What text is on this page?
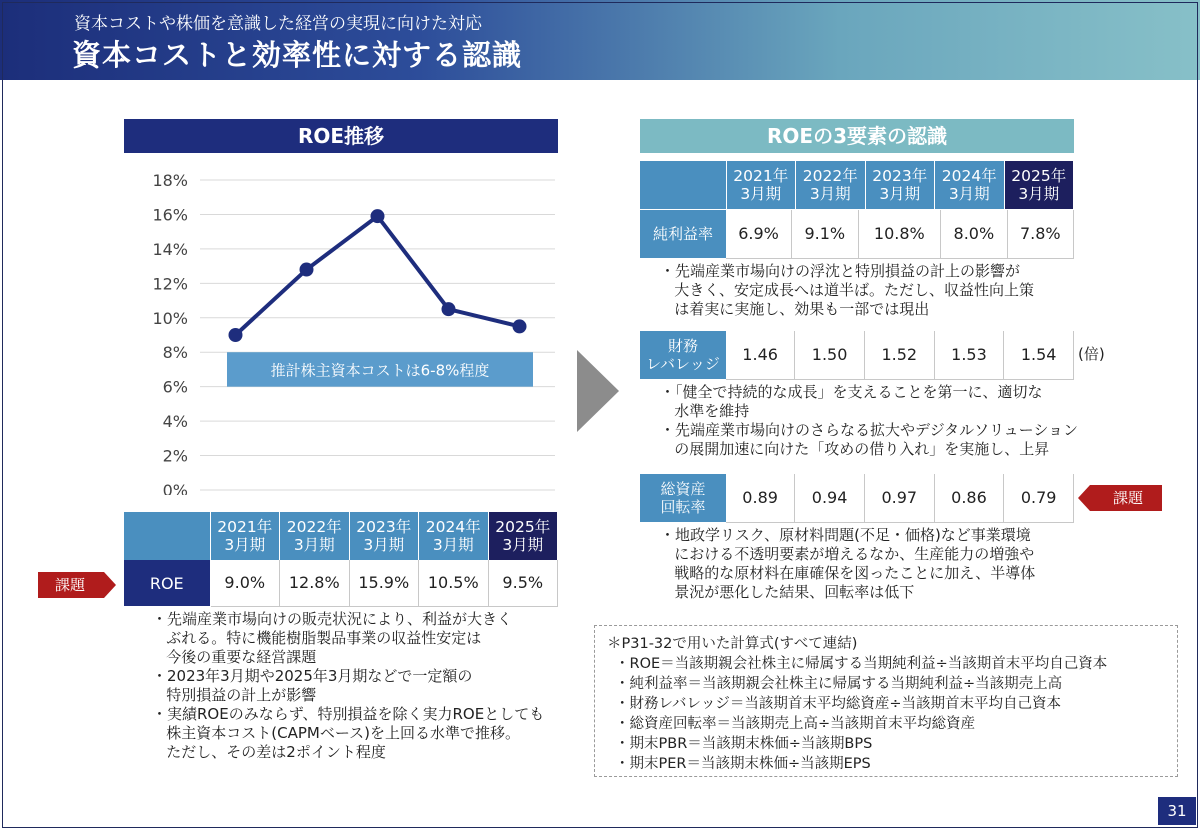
資本コストや株価を意識した経営の実現に向けた対応
資本コストと効率性に対する認識
ROE推移
0%
2%
4%
6%
8%
10%
12%
14%
16%
18%
推計株主資本コストは6-8%程度
	2021年
3月期	2022年
3月期	2023年
3月期	2024年
3月期	2025年
3月期
ROE	9.0%	12.8%	15.9%	10.5%	9.5%
課題
・先端産業市場向けの販売状況により、利益が大きく
ぶれる。特に機能樹脂製品事業の収益性安定は
今後の重要な経営課題
・2023年3月期や2025年3月期などで一定額の
特別損益の計上が影響
・実績ROEのみならず、特別損益を除く実力ROEとしても
株主資本コスト(CAPMベース)を上回る水準で推移。
ただし、その差は2ポイント程度
ROEの3要素の認識
	2021年
3月期	2022年
3月期	2023年
3月期	2024年
3月期	2025年
3月期
純利益率	6.9%	9.1%	10.8%	8.0%	7.8%
・先端産業市場向けの浮沈と特別損益の計上の影響が
大きく、安定成長へは道半ば。ただし、収益性向上策
は着実に実施し、効果も一部では現出
財務
レバレッジ	1.46	1.50	1.52	1.53	1.54 (倍)
・「健全で持続的な成長」を支えることを第一に、適切な
水準を維持
・先端産業市場向けのさらなる拡大やデジタルソリューション
の展開加速に向けた「攻めの借り入れ」を実施し、上昇
総資産
回転率	0.89	0.94	0.97	0.86	0.79	課題
・地政学リスク、原材料問題(不足・価格)など事業環境
における不透明要素が増えるなか、生産能力の増強や
戦略的な原材料在庫確保を図ったことに加え、半導体
景況が悪化した結果、回転率は低下
＊P31-32で用いた計算式(すべて連結)
・ROE＝当該期親会社株主に帰属する当期純利益÷当該期首末平均自己資本
・純利益率＝当該期親会社株主に帰属する当期純利益÷当該期売上高
・財務レバレッジ＝当該期首末平均総資産÷当該期首末平均自己資本
・総資産回転率＝当該期売上高÷当該期首末平均総資産
・期末PBR＝当該期末株価÷当該期BPS
・期末PER＝当該期末株価÷当該期EPS
31
